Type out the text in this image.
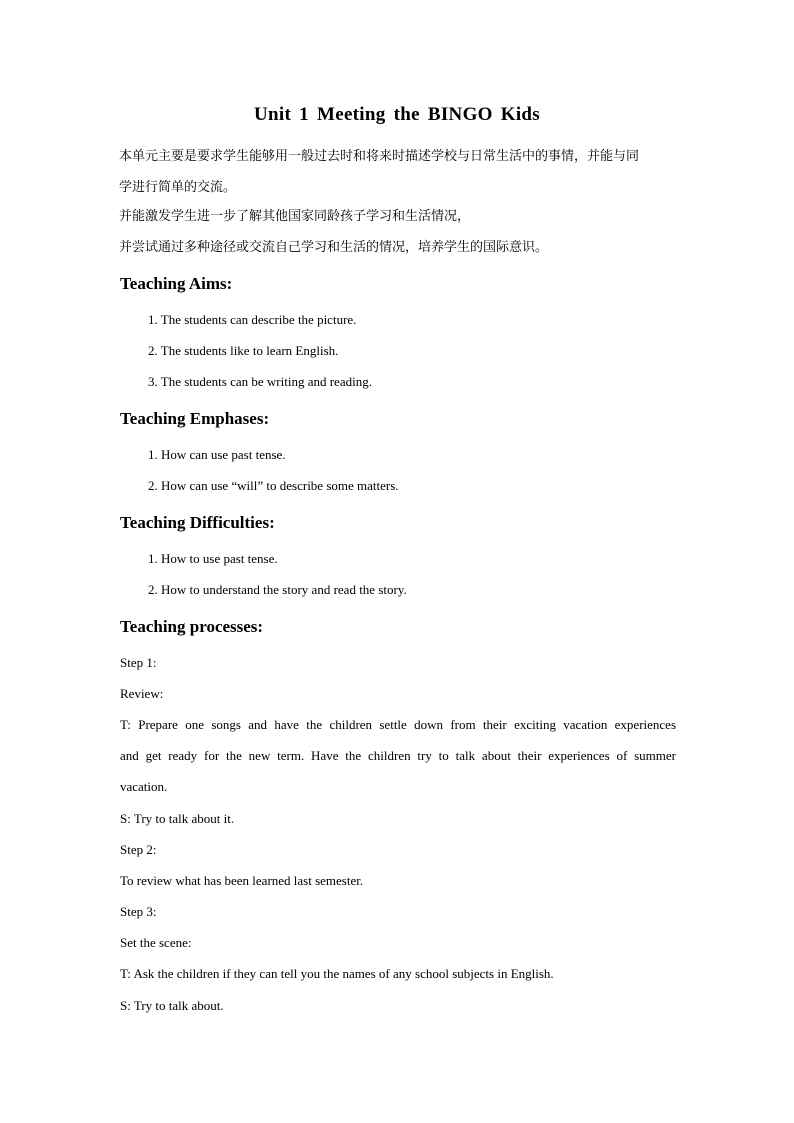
Unit 1 Meeting the BINGO Kids
本单元主要是要求学生能够用一般过去时和将来时描述学校与日常生活中的事情，并能与同
学进行简单的交流。
并能激发学生进一步了解其他国家同龄孩子学习和生活情况，
并尝试通过多种途径或交流自己学习和生活的情况，培养学生的国际意识。
Teaching Aims:
1. The students can describe the picture.
2. The students like to learn English.
3. The students can be writing and reading.
Teaching Emphases:
1. How can use past tense.
2. How can use “will” to describe some matters.
Teaching Difficulties:
1. How to use past tense.
2. How to understand the story and read the story.
Teaching processes:
Step 1:
Review:
T: Prepare one songs and have the children settle down from their exciting vacation experiences
and get ready for the new term. Have the children try to talk about their experiences of summer
vacation.
S: Try to talk about it.
Step 2:
To review what has been learned last semester.
Step 3:
Set the scene:
T: Ask the children if they can tell you the names of any school subjects in English.
S: Try to talk about.
